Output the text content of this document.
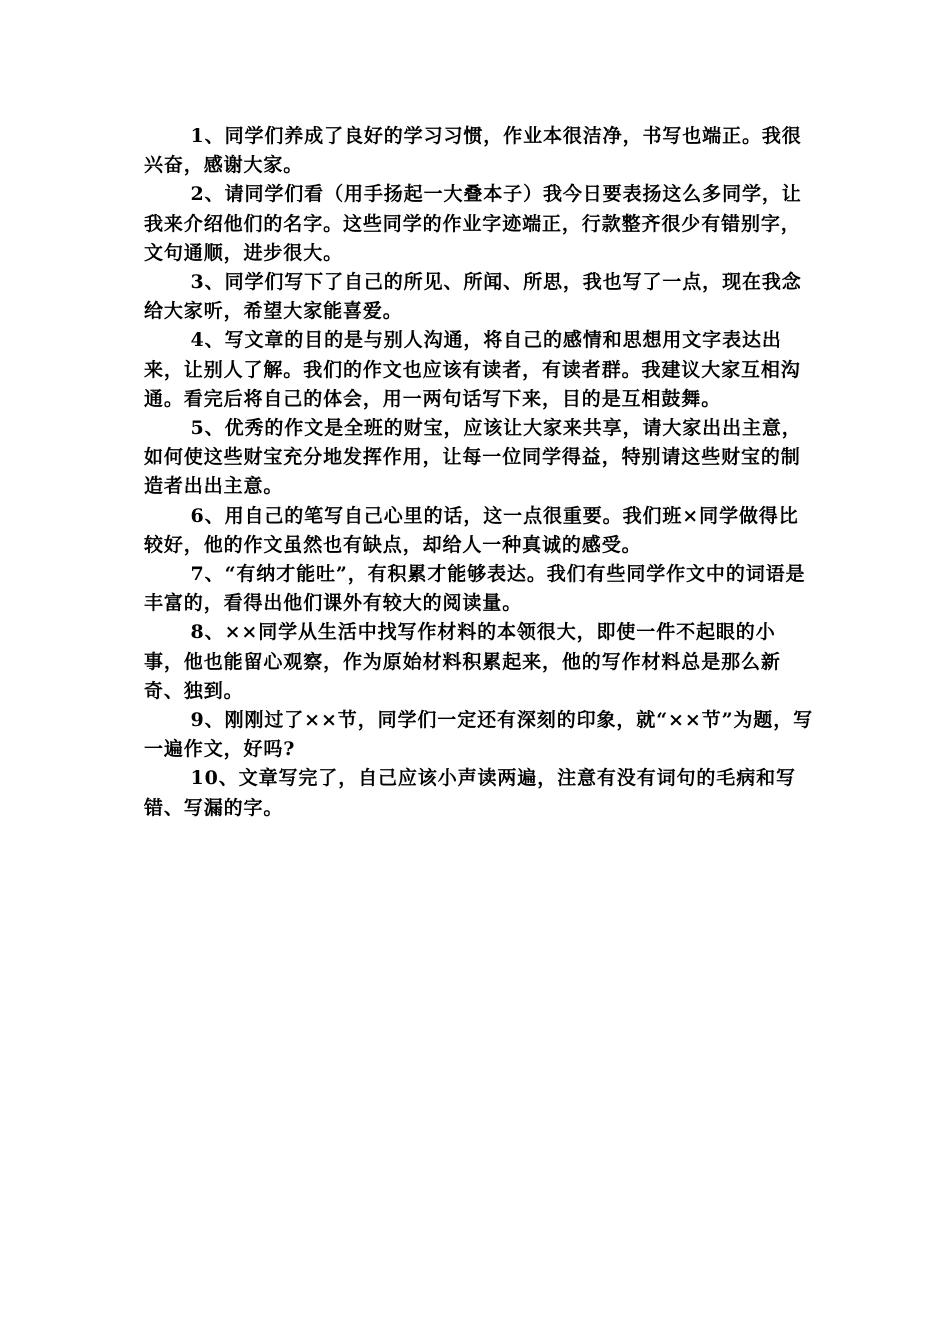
1、同学们养成了良好的学习习惯，作业本很洁净，书写也端正。我很兴奋，感谢大家。

2、请同学们看（用手扬起一大叠本子）我今日要表扬这么多同学，让我来介绍他们的名字。这些同学的作业字迹端正，行款整齐很少有错别字，文句通顺，进步很大。

3、同学们写下了自己的所见、所闻、所思，我也写了一点，现在我念给大家听，希望大家能喜爱。

4、写文章的目的是与别人沟通，将自己的感情和思想用文字表达出来，让别人了解。我们的作文也应该有读者，有读者群。我建议大家互相沟通。看完后将自己的体会，用一两句话写下来，目的是互相鼓舞。

5、优秀的作文是全班的财宝，应该让大家来共享，请大家出出主意，如何使这些财宝充分地发挥作用，让每一位同学得益，特别请这些财宝的制造者出出主意。

6、用自己的笔写自己心里的话，这一点很重要。我们班×同学做得比较好，他的作文虽然也有缺点，却给人一种真诚的感受。

7、“有纳才能吐”，有积累才能够表达。我们有些同学作文中的词语是丰富的，看得出他们课外有较大的阅读量。

8、××同学从生活中找写作材料的本领很大，即使一件不起眼的小事，他也能留心观察，作为原始材料积累起来，他的写作材料总是那么新奇、独到。

9、刚刚过了××节，同学们一定还有深刻的印象，就“××节”为题，写一遍作文，好吗?

10、文章写完了，自己应该小声读两遍，注意有没有词句的毛病和写错、写漏的字。
